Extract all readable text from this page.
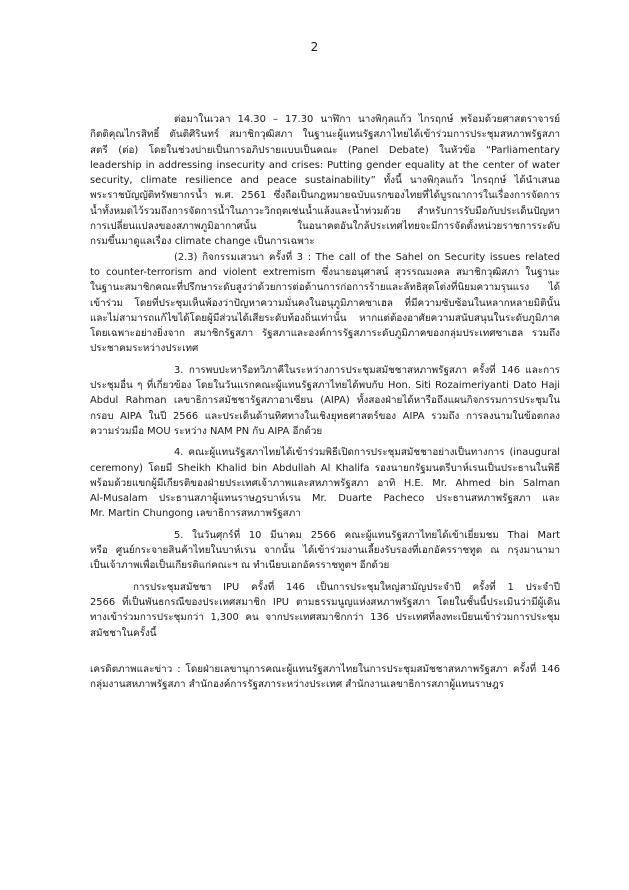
2
ต่อมาในเวลา 14.30 – 17.30 นาฬิกา นางพิกุลแก้ว ไกรฤกษ์ พร้อมด้วยศาสตราจารย์
กิตติคุณไกรสิทธิ์ ตันติศิรินทร์ สมาชิกวุฒิสภา ในฐานะผู้แทนรัฐสภาไทยได้เข้าร่วมการประชุมสหภาพรัฐสภา
สตรี (ต่อ) โดยในช่วงบ่ายเป็นการอภิปรายแบบเป็นคณะ (Panel Debate) ในหัวข้อ “Parliamentary
leadership in addressing insecurity and crises: Putting gender equality at the center of water
security, climate resilience and peace sustainability” ทั้งนี้ นางพิกุลแก้ว ไกรฤกษ์ ได้นำเสนอ
พระราชบัญญัติทรัพยากรน้ำ พ.ศ. 2561 ซึ่งถือเป็นกฎหมายฉบับแรกของไทยที่ได้บูรณาการในเรื่องการจัดการ
น้ำทั้งหมดไว้รวมถึงการจัดการน้ำในภาวะวิกฤตเช่นน้ำแล้งและน้ำท่วมด้วย สำหรับการรับมือกับประเด็นปัญหา
การเปลี่ยนแปลงของสภาพภูมิอากาศนั้น ในอนาคตอันใกล้ประเทศไทยจะมีการจัดตั้งหน่วยราชการระดับ
กรมขึ้นมาดูแลเรื่อง climate change เป็นการเฉพาะ
(2.3) กิจกรรมเสวนา ครั้งที่ 3 : The call of the Sahel on Security issues related
to counter-terrorism and violent extremism ซึ่งนายอนุศาสน์ สุวรรณมงคล สมาชิกวุฒิสภา ในฐานะ
ในฐานะสมาชิกคณะที่ปรึกษาระดับสูงว่าด้วยการต่อต้านการก่อการร้ายและลัทธิสุดโต่งที่นิยมความรุนแรง ได้
เข้าร่วม โดยที่ประชุมเห็นพ้องว่าปัญหาความมั่นคงในอนุภูมิภาคซาเฮล ที่มีความซับซ้อนในหลากหลายมิตินั้น
และไม่สามารถแก้ไขได้โดยผู้มีส่วนได้เสียระดับท้องถิ่นเท่านั้น หากแต่ต้องอาศัยความสนับสนุนในระดับภูมิภาค
โดยเฉพาะอย่างยิ่งจาก สมาชิกรัฐสภา รัฐสภาและองค์การรัฐสภาระดับภูมิภาคของกลุ่มประเทศซาเฮล รวมถึง
ประชาคมระหว่างประเทศ
3. การพบปะหารือทวิภาคีในระหว่างการประชุมสมัชชาสหภาพรัฐสภา ครั้งที่ 146 และการ
ประชุมอื่น ๆ ที่เกี่ยวข้อง โดยในวันแรกคณะผู้แทนรัฐสภาไทยได้พบกับ Hon. Siti Rozaimeriyanti Dato Haji
Abdul Rahman เลขาธิการสมัชชารัฐสภาอาเซียน (AIPA) ทั้งสองฝ่ายได้หารือถึงแผนกิจกรรมการประชุมใน
กรอบ AIPA ในปี 2566 และประเด็นด้านทิศทางในเชิงยุทธศาสตร์ของ AIPA รวมถึง การลงนามในข้อตกลง
ความร่วมมือ MOU ระหว่าง NAM PN กับ AIPA อีกด้วย
4. คณะผู้แทนรัฐสภาไทยได้เข้าร่วมพิธีเปิดการประชุมสมัชชาอย่างเป็นทางการ (inaugural
ceremony) โดยมี Sheikh Khalid bin Abdullah Al Khalifa รองนายกรัฐมนตรีบาห์เรนเป็นประธานในพิธี
พร้อมด้วยแขกผู้มีเกียรติของฝ่ายประเทศเจ้าภาพและสหภาพรัฐสภา อาทิ H.E. Mr. Ahmed bin Salman
Al-Musalam ประธานสภาผู้แทนราษฎรบาห์เรน Mr. Duarte Pacheco ประธานสหภาพรัฐสภา และ
Mr. Martin Chungong เลขาธิการสหภาพรัฐสภา
5. ในวันศุกร์ที่ 10 มีนาคม 2566 คณะผู้แทนรัฐสภาไทยได้เข้าเยี่ยมชม Thai Mart
หรือ ศูนย์กระจายสินค้าไทยในบาห์เรน จากนั้น ได้เข้าร่วมงานเลี้ยงรับรองที่เอกอัครราชทูต ณ กรุงมานามา
เป็นเจ้าภาพเพื่อเป็นเกียรติแก่คณะฯ ณ ทำเนียบเอกอัครราชทูตฯ อีกด้วย
การประชุมสมัชชา IPU ครั้งที่ 146 เป็นการประชุมใหญ่สามัญประจำปี ครั้งที่ 1 ประจำปี
2566 ที่เป็นพันธกรณีของประเทศสมาชิก IPU ตามธรรมนูญแห่งสหภาพรัฐสภา โดยในชั้นนี้ประเมินว่ามีผู้เดิน
ทางเข้าร่วมการประชุมกว่า 1,300 คน จากประเทศสมาชิกกว่า 136 ประเทศที่ลงทะเบียนเข้าร่วมการประชุม
สมัชชาในครั้งนี้
เครดิตภาพและข่าว : โดยฝ่ายเลขานุการคณะผู้แทนรัฐสภาไทยในการประชุมสมัชชาสหภาพรัฐสภา ครั้งที่ 146
กลุ่มงานสหภาพรัฐสภา สำนักองค์การรัฐสภาระหว่างประเทศ สำนักงานเลขาธิการสภาผู้แทนราษฎร
